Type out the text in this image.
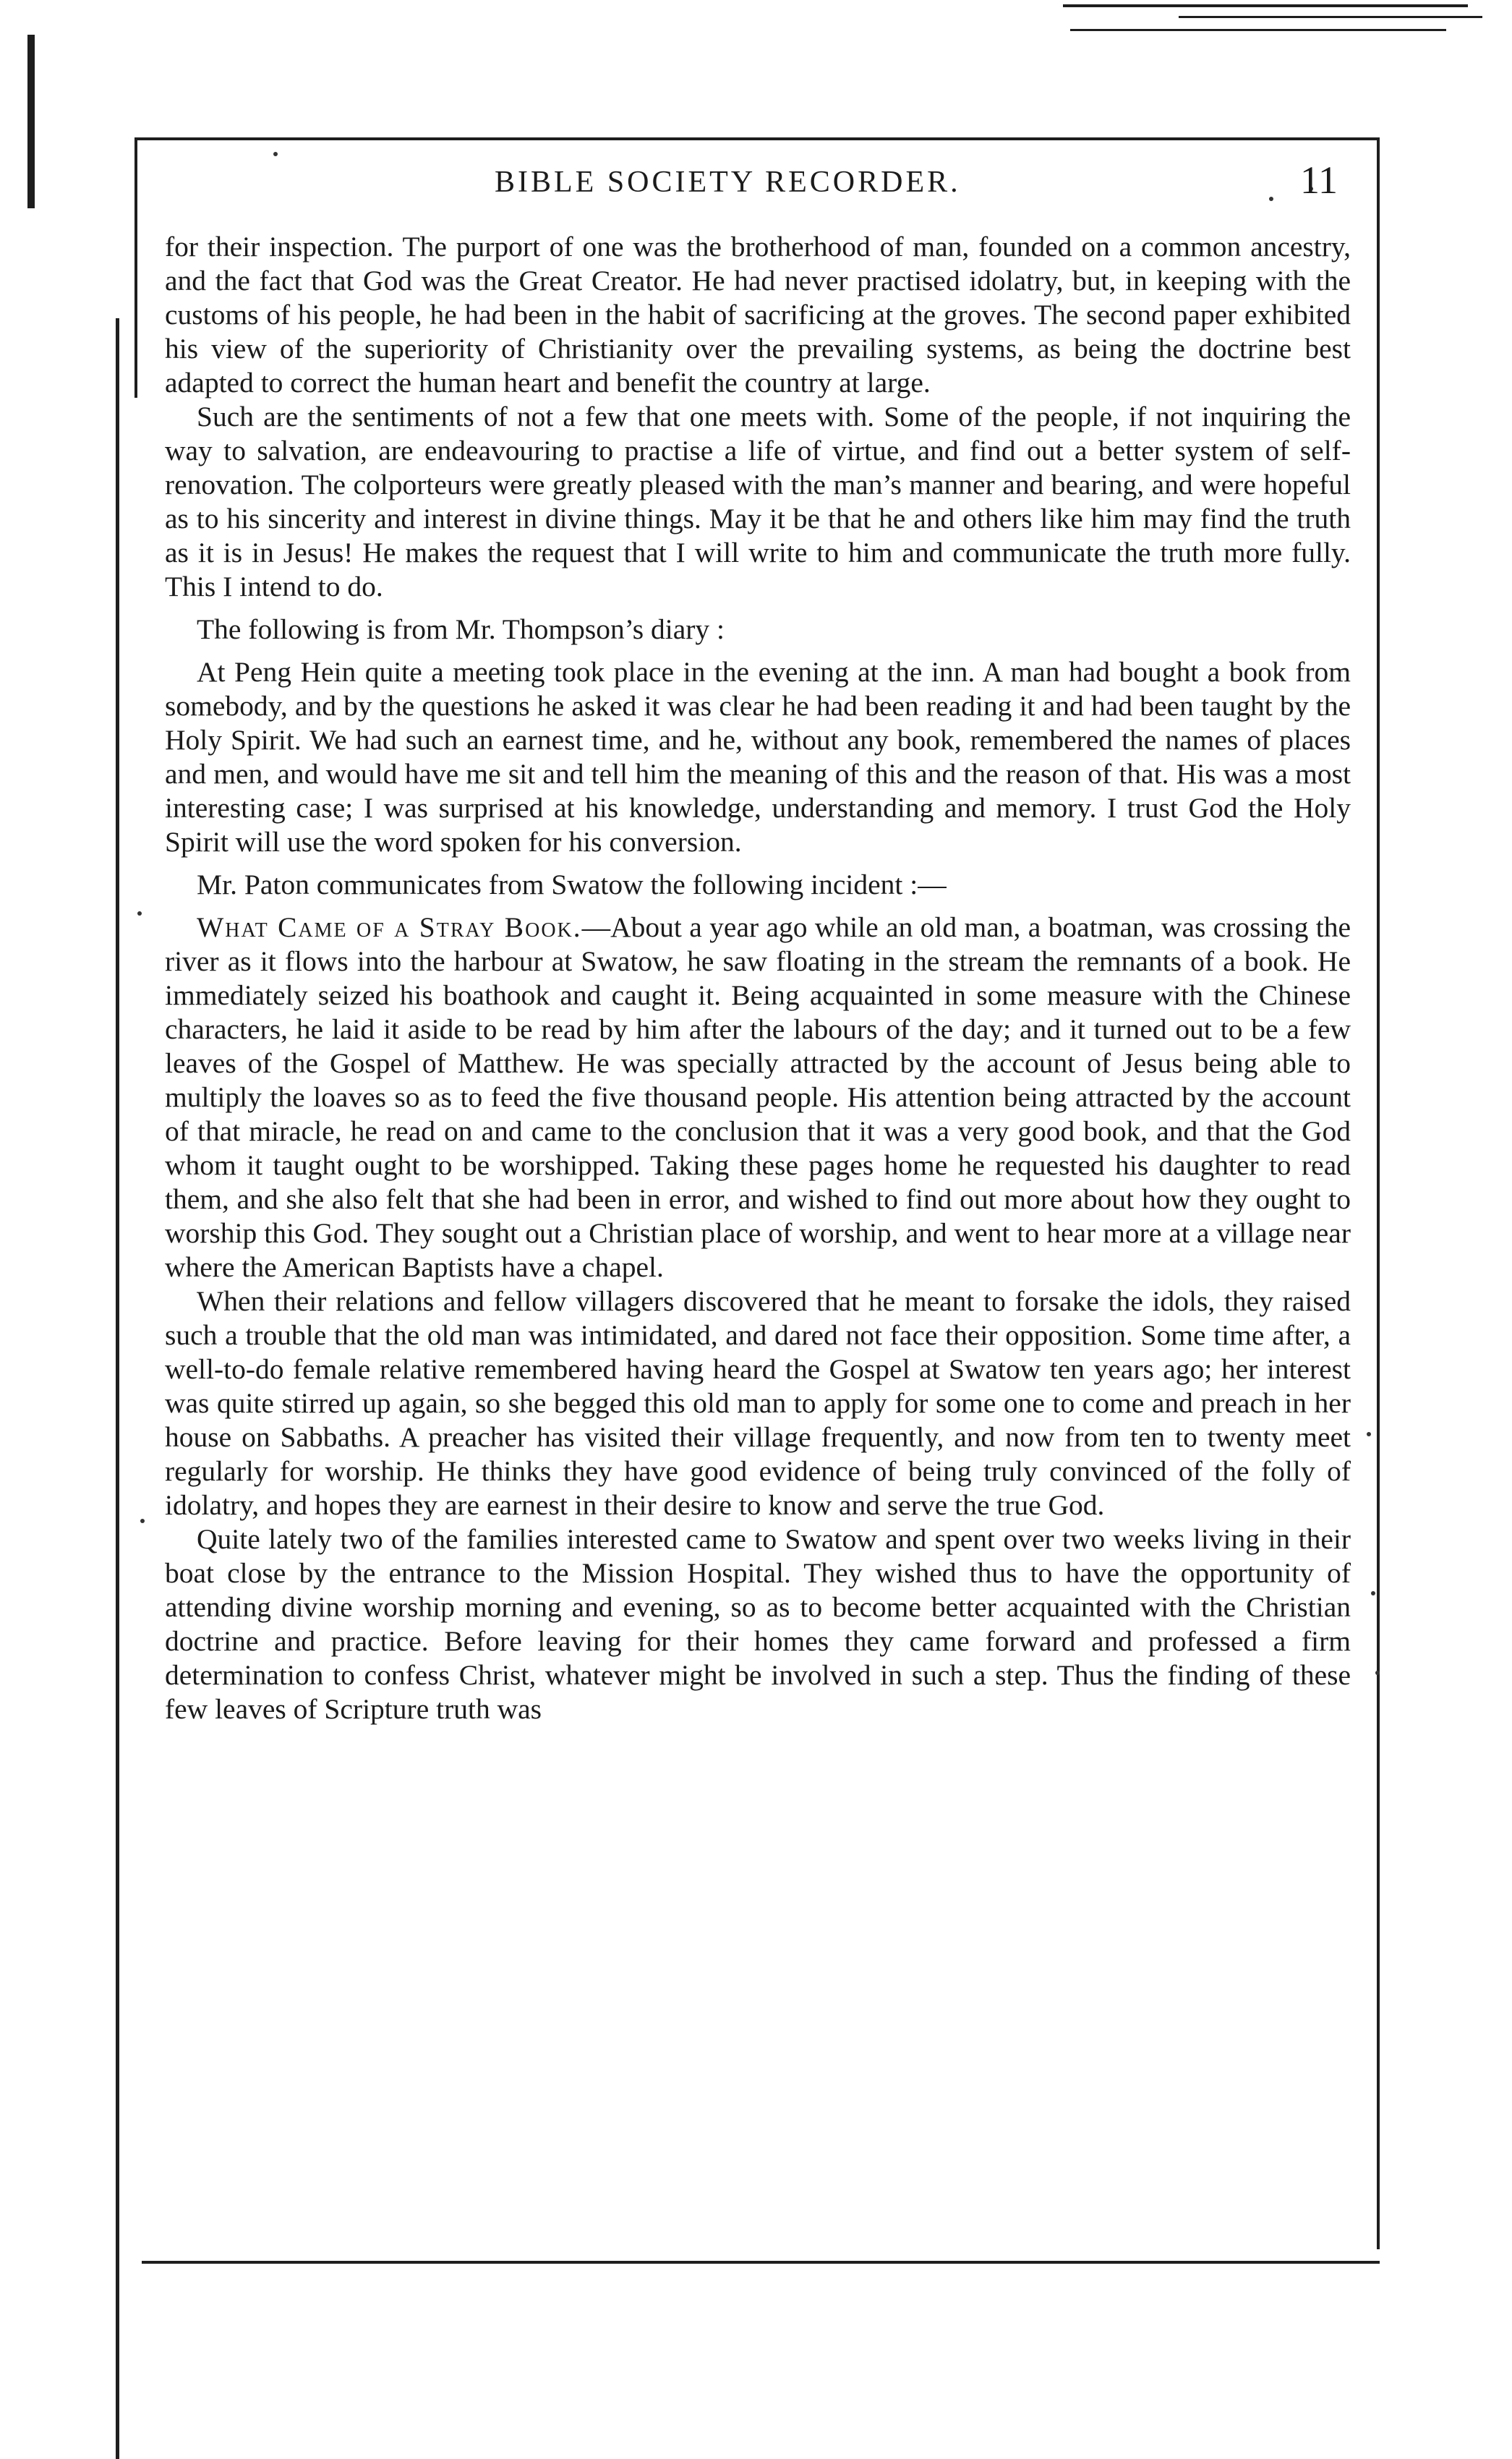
BIBLE SOCIETY RECORDER.	11

for their inspection. The purport of one was the brotherhood of man, founded on a common ancestry, and the fact that God was the Great Creator. He had never practised idolatry, but, in keeping with the customs of his people, he had been in the habit of sacrificing at the groves. The second paper exhibited his view of the superiority of Christianity over the prevailing systems, as being the doctrine best adapted to correct the human heart and benefit the country at large.

Such are the sentiments of not a few that one meets with. Some of the people, if not inquiring the way to salvation, are endeavouring to practise a life of virtue, and find out a better system of self-renovation. The colporteurs were greatly pleased with the man’s manner and bearing, and were hopeful as to his sincerity and interest in divine things. May it be that he and others like him may find the truth as it is in Jesus! He makes the request that I will write to him and communicate the truth more fully. This I intend to do.

The following is from Mr. Thompson’s diary :

At Peng Hein quite a meeting took place in the evening at the inn. A man had bought a book from somebody, and by the questions he asked it was clear he had been reading it and had been taught by the Holy Spirit. We had such an earnest time, and he, without any book, remembered the names of places and men, and would have me sit and tell him the meaning of this and the reason of that. His was a most interesting case; I was surprised at his knowledge, understanding and memory. I trust God the Holy Spirit will use the word spoken for his conversion.

Mr. Paton communicates from Swatow the following incident :—

What Came of a Stray Book.—About a year ago while an old man, a boatman, was crossing the river as it flows into the harbour at Swatow, he saw floating in the stream the remnants of a book. He immediately seized his boathook and caught it. Being acquainted in some measure with the Chinese characters, he laid it aside to be read by him after the labours of the day; and it turned out to be a few leaves of the Gospel of Matthew. He was specially attracted by the account of Jesus being able to multiply the loaves so as to feed the five thousand people. His attention being attracted by the account of that miracle, he read on and came to the conclusion that it was a very good book, and that the God whom it taught ought to be worshipped. Taking these pages home he requested his daughter to read them, and she also felt that she had been in error, and wished to find out more about how they ought to worship this God. They sought out a Christian place of worship, and went to hear more at a village near where the American Baptists have a chapel.

When their relations and fellow villagers discovered that he meant to forsake the idols, they raised such a trouble that the old man was intimidated, and dared not face their opposition. Some time after, a well-to-do female relative remembered having heard the Gospel at Swatow ten years ago; her interest was quite stirred up again, so she begged this old man to apply for some one to come and preach in her house on Sabbaths. A preacher has visited their village frequently, and now from ten to twenty meet regularly for worship. He thinks they have good evidence of being truly convinced of the folly of idolatry, and hopes they are earnest in their desire to know and serve the true God.

Quite lately two of the families interested came to Swatow and spent over two weeks living in their boat close by the entrance to the Mission Hospital. They wished thus to have the opportunity of attending divine worship morning and evening, so as to become better acquainted with the Christian doctrine and practice. Before leaving for their homes they came forward and professed a firm determination to confess Christ, whatever might be involved in such a step. Thus the finding of these few leaves of Scripture truth was
